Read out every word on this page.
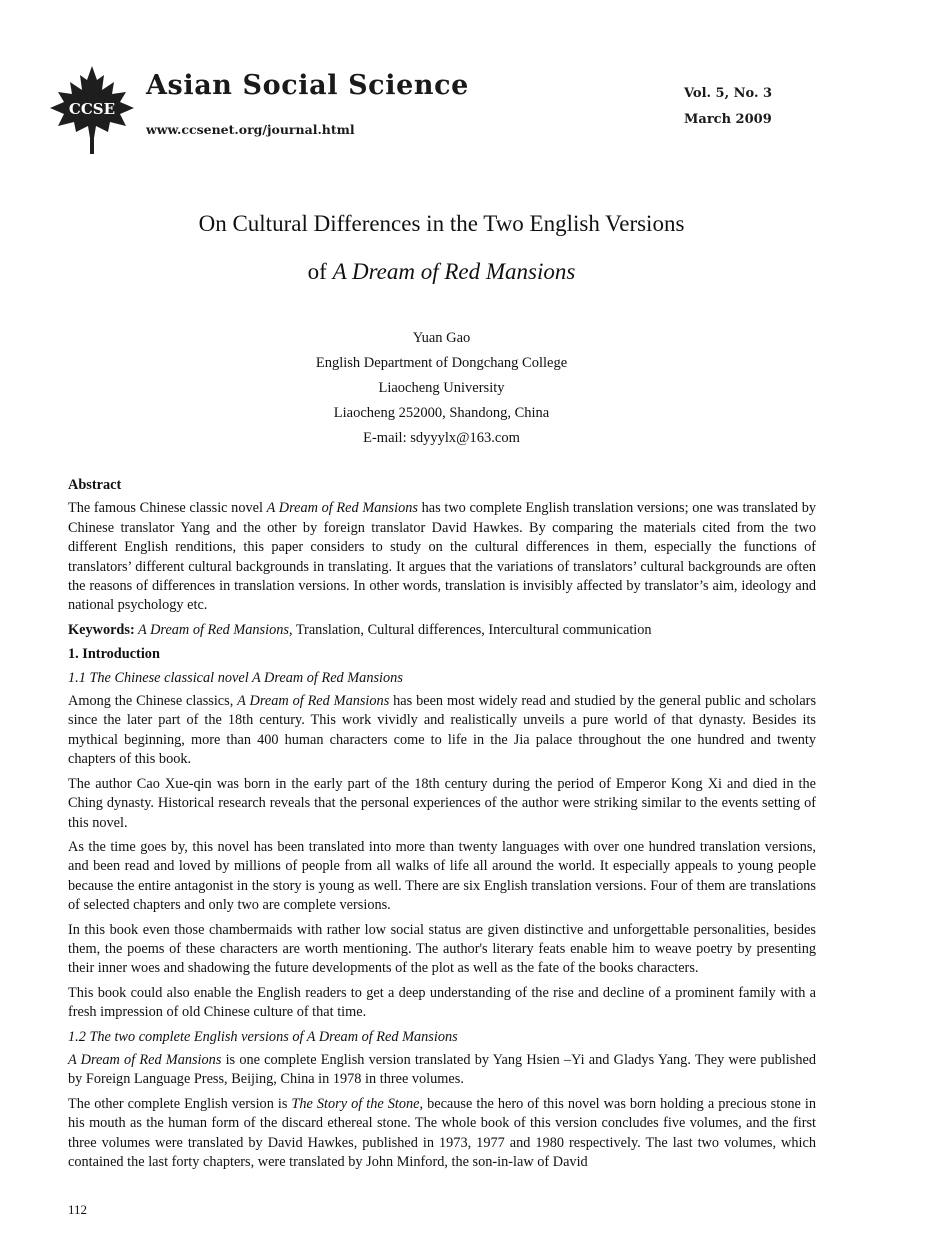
CCSE
Asian Social Science
www.ccsenet.org/journal.html
Vol. 5, No. 3
March 2009
On Cultural Differences in the Two English Versions
of A Dream of Red Mansions
Yuan Gao
English Department of Dongchang College
Liaocheng University
Liaocheng 252000, Shandong, China
E-mail: sdyyylx@163.com

Abstract

The famous Chinese classic novel A Dream of Red Mansions has two complete English translation versions; one was translated by Chinese translator Yang and the other by foreign translator David Hawkes. By comparing the materials cited from the two different English renditions, this paper considers to study on the cultural differences in them, especially the functions of translators’ different cultural backgrounds in translating. It argues that the variations of translators’ cultural backgrounds are often the reasons of differences in translation versions. In other words, translation is invisibly affected by translator’s aim, ideology and national psychology etc.

Keywords: A Dream of Red Mansions, Translation, Cultural differences, Intercultural communication

1. Introduction

1.1 The Chinese classical novel A Dream of Red Mansions

Among the Chinese classics, A Dream of Red Mansions has been most widely read and studied by the general public and scholars since the later part of the 18th century. This work vividly and realistically unveils a pure world of that dynasty. Besides its mythical beginning, more than 400 human characters come to life in the Jia palace throughout the one hundred and twenty chapters of this book.

The author Cao Xue-qin was born in the early part of the 18th century during the period of Emperor Kong Xi and died in the Ching dynasty. Historical research reveals that the personal experiences of the author were striking similar to the events setting of this novel.

As the time goes by, this novel has been translated into more than twenty languages with over one hundred translation versions, and been read and loved by millions of people from all walks of life all around the world. It especially appeals to young people because the entire antagonist in the story is young as well. There are six English translation versions. Four of them are translations of selected chapters and only two are complete versions.

In this book even those chambermaids with rather low social status are given distinctive and unforgettable personalities, besides them, the poems of these characters are worth mentioning. The author's literary feats enable him to weave poetry by presenting their inner woes and shadowing the future developments of the plot as well as the fate of the books characters.

This book could also enable the English readers to get a deep understanding of the rise and decline of a prominent family with a fresh impression of old Chinese culture of that time.

1.2 The two complete English versions of A Dream of Red Mansions

A Dream of Red Mansions is one complete English version translated by Yang Hsien –Yi and Gladys Yang. They were published by Foreign Language Press, Beijing, China in 1978 in three volumes.

The other complete English version is The Story of the Stone, because the hero of this novel was born holding a precious stone in his mouth as the human form of the discard ethereal stone. The whole book of this version concludes five volumes, and the first three volumes were translated by David Hawkes, published in 1973, 1977 and 1980 respectively. The last two volumes, which contained the last forty chapters, were translated by John Minford, the son-in-law of David

112
